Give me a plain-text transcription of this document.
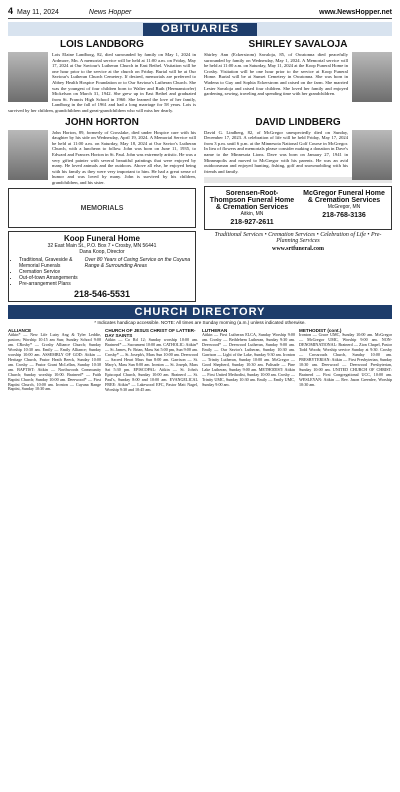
4 May 11, 2024	News Hopper	www.NewsHopper.net
OBITUARIES
LOIS LANDBORG

Lois Elaine Landborg, 82, died surrounded by family on May 1, 2024 in Ardmore, Mn. A memorial service will be held at 11:00 a.m. on Friday, May 17, 2024 at Our Saviour's Lutheran Church in East Bethel. Visitation will be one hour prior to the service at the church on Friday. Burial will be at Our Saviour's Lutheran Church Cemetery. If desired, memorials are preferred to Abbey Health Hospice Foundation or to Our Saviour's Lutheran Church. She was the youngest of four children born to Walter and Ruth (Hermanstorfer) Mickelson on March 31, 1942. She grew up in East Bethel and graduated from St. Francis High School in 1960. She learned the love of her family, Landborg in the fall of 1961 and had a long marriage for 58 years. Lois is survived by her children, grandchildren and great-grandchildren who will miss her dearly.

SHIRLEY SAVALOJA

Shirley Ann (Eckerstrom) Savaloja, 85, of Owatonna died peacefully surrounded by family on Wednesday, May 1, 2024. A Memorial service will be held at 11:00 a.m. on Saturday, May 11, 2024 at the Koop Funeral Home in Crosby. Visitation will be one hour prior to the service at Koop Funeral Home. Burial will be at Sunset Cemetery in Owatonna. She was born in Wadena to Guy and Sophia Eckerstrom and raised on the farm. She married Lester Savaloja and raised four children. She loved her family and enjoyed gardening, sewing, traveling and spending time with her grandchildren.

JOHN HORTON

John Horton, 89, formerly of Crosslake, died under Hospice care with his daughter by his side on Wednesday, April 19, 2024. A Memorial Service will be held at 11:00 a.m. on Saturday, May 18, 2024 at Our Savior's Lutheran Church, with a luncheon to follow. John was born on June 11, 1935, to Edward and Frances Horton in St. Paul. John was extremely artistic. He was a very gifted painter with several beautiful paintings that were enjoyed by many. He loved animals and the outdoors. Above all else, he enjoyed being with his family as they were very important to him. He had a great sense of humor and was loved by many. John is survived by his children, grandchildren, and his sister.

MEMORIALS
Koop Funeral Home
32 East Main St., P.O. Box 7 • Crosby, MN 56441
Dana Koop, Director
• Traditional, Graveside & Memorial Funerals
• Cremation Service
• Out-of-town Arrangements
• Pre-arrangement Plans
Over 80 Years of Caring Service on the Cuyuna Range & Surrounding Areas
218-546-5531
DAVID LINDBERG

David G. Lindberg, 82, of McGregor unexpectedly died on Sunday, December 17, 2023. A celebration of life will be held Friday, May 17, 2024 from 3 p.m. until 6 p.m. at the Minnesota National Golf Course in McGregor. In lieu of flowers and memorials please consider making a donation in Dave's name to the Minnesota Lions. Dave was born on January 27, 1941 in Minneapolis and moved to McGregor with his parents. He was an avid outdoorsman and enjoyed hunting, fishing, golf and snowmobiling with his friends and family.

Sorensen-Root-Thompson Funeral Home & Cremation Services
Aitkin, MN
218-927-2611
McGregor Funeral Home & Cremation Services
McGregor, MN
218-768-3136
Traditional Services • Cremation Services • Celebration of Life • Pre-Planning Services
www.srtfuneral.com
CHURCH DIRECTORY
* Indicates handicap accessible. NOTE: All times are Sunday morning (a.m.) unless indicated otherwise.
ALLIANCE

Aitkin* — New Life Lutry Ang & Tyler Leddie, pastors; Worship 10:15 am Sun; Sunday School 9:00 am. CRosby* — Crosby Alliance Church; Sunday Worship 10:30 am. Emily — Emily Alliance; Sunday worship 10:00 am. ASSEMBLY OF GOD: Aitkin — Heritage Church, Pastor Heath Beeck, Sunday 10:00 am. Crosby — Pastor Grant McLellan, Sunday 10:30 am. BAPTIST: Aitkin — Northwoods Community Church; Sunday worship 10:00. Brainerd* — Faith Baptist Church; Sunday 10:00 am. Deerwood* — First Baptist Church, 10:00 am. Ironton — Cuyuna Range Baptist, Sunday 10:30 am.

CHURCH OF JESUS CHRIST OF LATTER-DAY SAINTS

Aitkin — Co Rd 12; Sunday worship 10:00 am. Brainerd* — Sacrament 10:00 am. CATHOLIC: Aitkin* — St. James, Fr. Brian, Mass Sat 5:00 pm, Sun 9:00 am. Crosby* — St. Joseph's, Mass Sun 10:00 am. Deerwood — Sacred Heart Mass Sun 8:00 am. Garrison — St. Mary's, Mass Sun 8:00 am. Ironton — St. Joseph, Mass Sat 5:30 pm. EPISCOPAL: Aitkin — St. John's Episcopal Church, Sunday 10:00 am. Brainerd — St. Paul's, Sunday 8:00 and 10:00 am. EVANGELICAL FREE: Aitkin* — Lakewood EFC, Pastor Matt Nagel, Worship 9:30 and 10:45 am.

LUTHERAN

Aitkin — First Lutheran ELCA, Sunday Worship 9:00 am. Crosby — Bethlehem Lutheran, Sunday 9:30 am. Deerwood* — Deerwood Lutheran, Sunday 9:00 am. Emily — Our Savior's Lutheran, Sunday 10:30 am. Garrison — Light of the Lake, Sunday 9:30 am. Ironton — Trinity Lutheran, Sunday 10:00 am. McGregor — Good Shepherd, Sunday 10:30 am. Palisade — Pine Lake Lutheran, Sunday 9:00 am. METHODIST: Aitkin — First United Methodist, Sunday 10:00 am. Crosby — Trinity UMC, Sunday 10:30 am. Emily — Emily UMC, Sunday 9:00 am.

METHODIST (cont.)

Ironton — Grace UMC, Sunday 10:00 am. McGregor — McGregor UMC, Worship 9:00 am. NON-DENOMINATIONAL: Brainerd — Zion Chapel, Pastor Todd Woods; Worship service Sunday at 9:30. Crosby — Crossroads Church, Sunday 10:00 am. PRESBYTERIAN: Aitkin — First Presbyterian, Sunday 10:30 am. Deerwood — Deerwood Presbyterian, Sunday 10:00 am. UNITED CHURCH OF CHRIST: Brainerd — First Congregational UCC, 10:00 am. WESLEYAN: Aitkin — Rev. Jason Greenlee, Worship 10:30 am.
